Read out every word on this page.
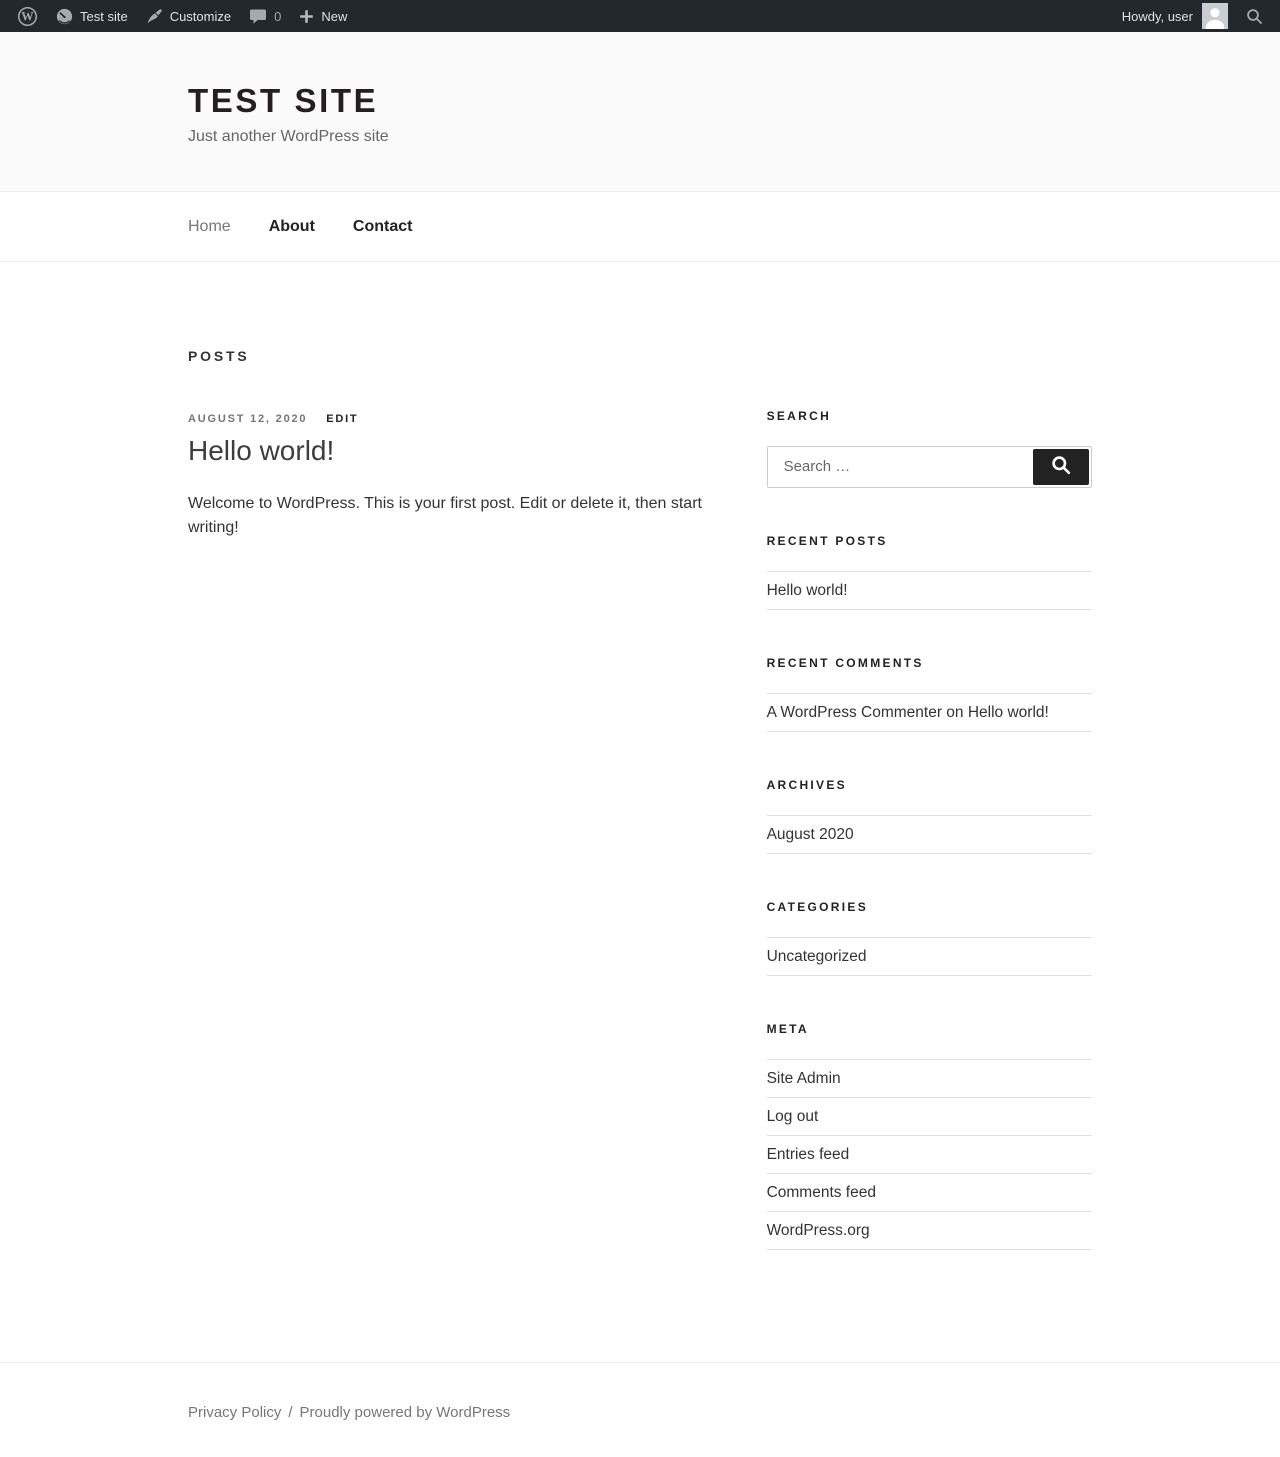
W	Test site	Customize	0	New	Howdy, user
TEST SITE

Just another WordPress site

Home	About	Contact
POSTS
AUGUST 12, 2020 EDIT
Hello world!

Welcome to WordPress. This is your first post. Edit or delete it, then start writing!

SEARCH
Search …
RECENT POSTS
Hello world!
RECENT COMMENTS
A WordPress Commenter on Hello world!
ARCHIVES
August 2020
CATEGORIES
Uncategorized
META
Site Admin
Log out
Entries feed
Comments feed
WordPress.org
Privacy Policy / Proudly powered by WordPress
